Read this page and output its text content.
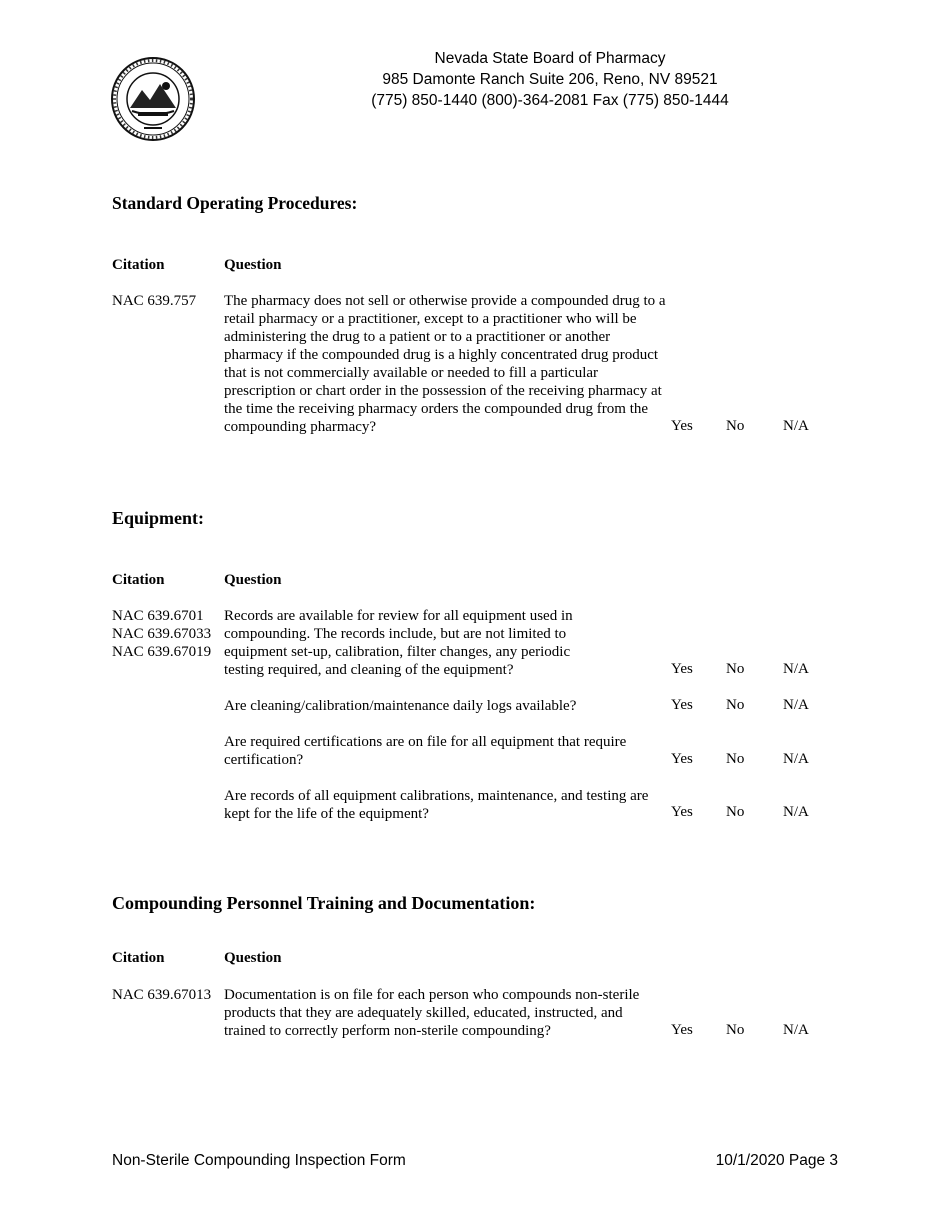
Nevada State Board of Pharmacy
985 Damonte Ranch Suite 206, Reno, NV 89521
(775) 850-1440 (800)-364-2081 Fax (775) 850-1444
Standard Operating Procedures:
Citation	Question
NAC 639.757 The pharmacy does not sell or otherwise provide a compounded drug to a retail pharmacy or a practitioner, except to a practitioner who will be administering the drug to a patient or to a practitioner or another pharmacy if the compounded drug is a highly concentrated drug product that is not commercially available or needed to fill a particular prescription or chart order in the possession of the receiving pharmacy at the time the receiving pharmacy orders the compounded drug from the compounding pharmacy?	Yes No	N/A
Equipment:
Citation	Question
NAC 639.6701
NAC 639.67033
NAC 639.67019
Records are available for review for all equipment used in compounding. The records include, but are not limited to equipment set-up, calibration, filter changes, any periodic testing required, and cleaning of the equipment?	Yes No	N/A
Are cleaning/calibration/maintenance daily logs available?	Yes No	N/A
Are required certifications are on file for all equipment that require certification?	Yes No	N/A
Are records of all equipment calibrations, maintenance, and testing are kept for the life of the equipment?	Yes No	N/A
Compounding Personnel Training and Documentation:
Citation	Question
NAC 639.67013 Documentation is on file for each person who compounds non-sterile products that they are adequately skilled, educated, instructed, and trained to correctly perform non-sterile compounding?	Yes No	N/A
Non-Sterile Compounding Inspection Form	10/1/2020 Page 3
